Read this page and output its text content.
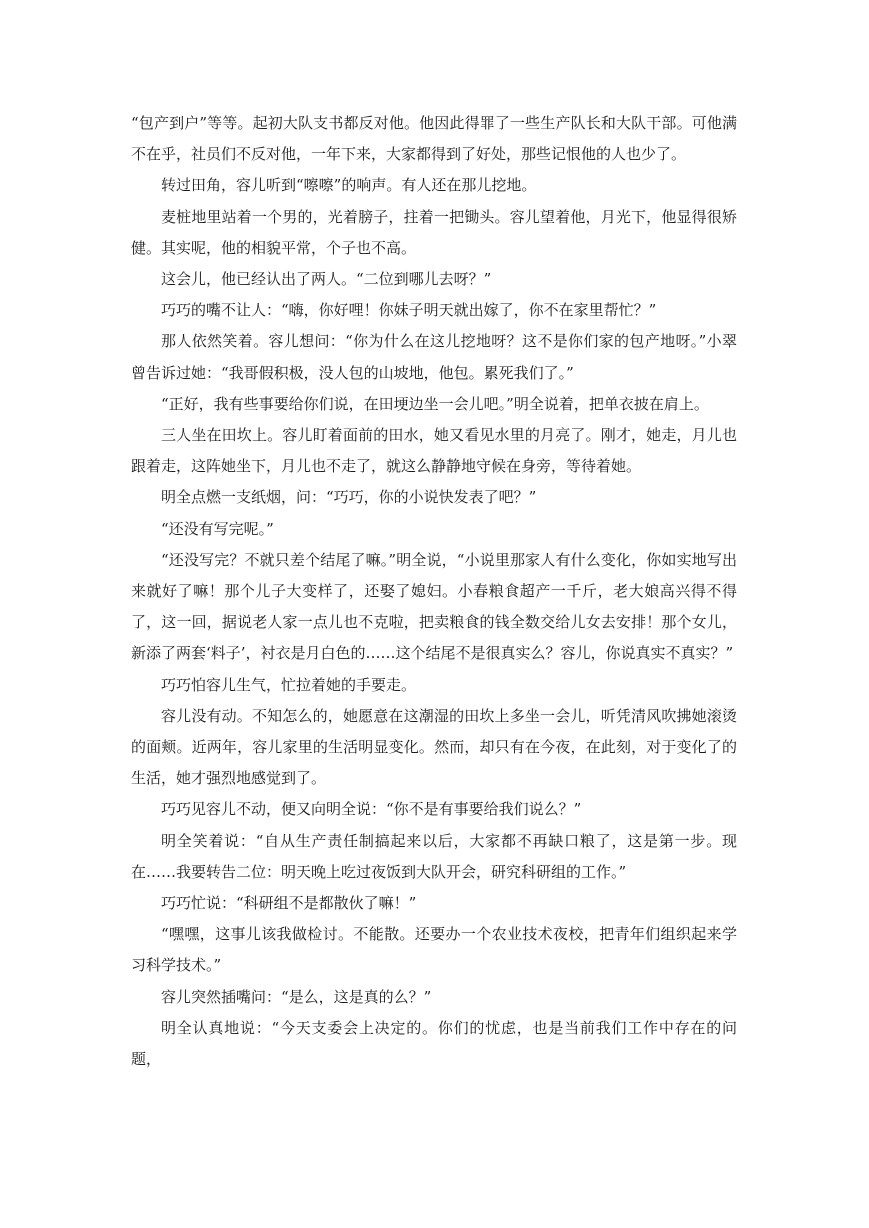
“包产到户”等等。起初大队支书都反对他。他因此得罪了一些生产队长和大队干部。可他满不在乎，社员们不反对他，一年下来，大家都得到了好处，那些记恨他的人也少了。

转过田角，容儿听到“嚓嚓”的响声。有人还在那儿挖地。

麦桩地里站着一个男的，光着膀子，拄着一把锄头。容儿望着他，月光下，他显得很矫健。其实呢，他的相貌平常，个子也不高。

这会儿，他已经认出了两人。“二位到哪儿去呀？”

巧巧的嘴不让人：“嗨，你好哩！你妹子明天就出嫁了，你不在家里帮忙？”

那人依然笑着。容儿想问：“你为什么在这儿挖地呀？这不是你们家的包产地呀。”小翠曾告诉过她：“我哥假积极，没人包的山坡地，他包。累死我们了。”

“正好，我有些事要给你们说，在田埂边坐一会儿吧。”明全说着，把单衣披在肩上。

三人坐在田坎上。容儿盯着面前的田水，她又看见水里的月亮了。刚才，她走，月儿也跟着走，这阵她坐下，月儿也不走了，就这么静静地守候在身旁，等待着她。

明全点燃一支纸烟，问：“巧巧，你的小说快发表了吧？”

“还没有写完呢。”

“还没写完？不就只差个结尾了嘛。”明全说，“小说里那家人有什么变化，你如实地写出来就好了嘛！那个儿子大变样了，还娶了媳妇。小春粮食超产一千斤，老大娘高兴得不得了，这一回，据说老人家一点儿也不克啦，把卖粮食的钱全数交给儿女去安排！那个女儿，新添了两套‘料子’，衬衣是月白色的……这个结尾不是很真实么？容儿，你说真实不真实？”

巧巧怕容儿生气，忙拉着她的手要走。

容儿没有动。不知怎么的，她愿意在这潮湿的田坎上多坐一会儿，听凭清风吹拂她滚烫的面颊。近两年，容儿家里的生活明显变化。然而，却只有在今夜，在此刻，对于变化了的生活，她才强烈地感觉到了。

巧巧见容儿不动，便又向明全说：“你不是有事要给我们说么？”

明全笑着说：“自从生产责任制搞起来以后，大家都不再缺口粮了，这是第一步。现在……我要转告二位：明天晚上吃过夜饭到大队开会，研究科研组的工作。”

巧巧忙说：“科研组不是都散伙了嘛！”

“嘿嘿，这事儿该我做检讨。不能散。还要办一个农业技术夜校，把青年们组织起来学习科学技术。”

容儿突然插嘴问：“是么，这是真的么？”

明全认真地说：“今天支委会上决定的。你们的忧虑，也是当前我们工作中存在的问题，
